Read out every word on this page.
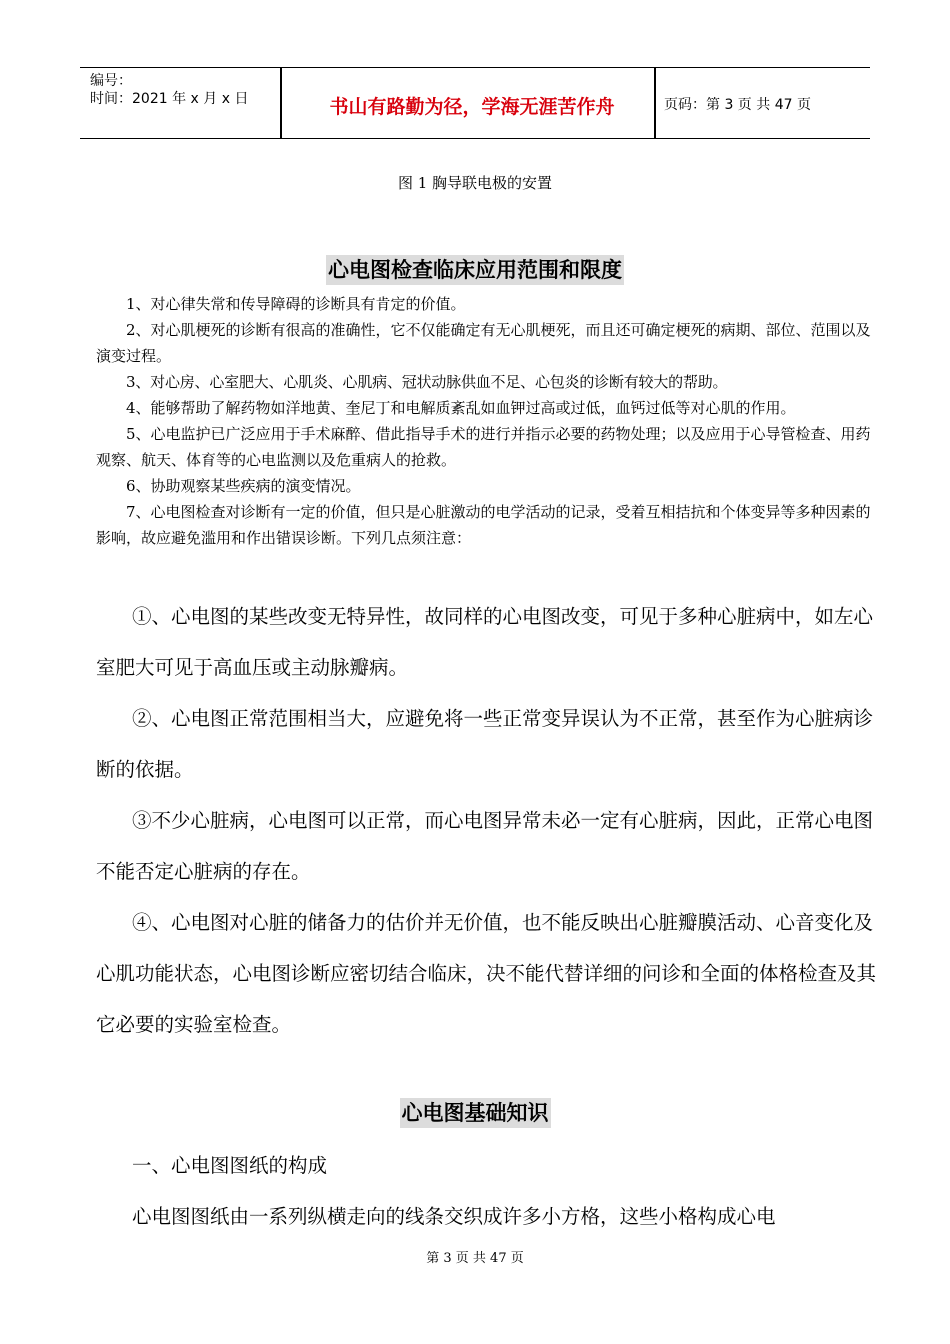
编号：
时间：2021 年 x 月 x 日	书山有路勤为径，学海无涯苦作舟	页码：第 3 页 共 47 页
图 1 胸导联电极的安置
心电图检查临床应用范围和限度

1、对心律失常和传导障碍的诊断具有肯定的价值。

2、对心肌梗死的诊断有很高的准确性，它不仅能确定有无心肌梗死，而且还可确定梗死的病期、部位、范围以及演变过程。

3、对心房、心室肥大、心肌炎、心肌病、冠状动脉供血不足、心包炎的诊断有较大的帮助。

4、能够帮助了解药物如洋地黄、奎尼丁和电解质紊乱如血钾过高或过低，血钙过低等对心肌的作用。

5、心电监护已广泛应用于手术麻醉、借此指导手术的进行并指示必要的药物处理；以及应用于心导管检查、用药观察、航天、体育等的心电监测以及危重病人的抢救。

6、协助观察某些疾病的演变情况。

7、心电图检查对诊断有一定的价值，但只是心脏激动的电学活动的记录，受着互相拮抗和个体变异等多种因素的影响，故应避免滥用和作出错误诊断。下列几点须注意：

①、心电图的某些改变无特异性，故同样的心电图改变，可见于多种心脏病中，如左心室肥大可见于高血压或主动脉瓣病。

②、心电图正常范围相当大，应避免将一些正常变异误认为不正常，甚至作为心脏病诊断的依据。

③不少心脏病，心电图可以正常，而心电图异常未必一定有心脏病，因此，正常心电图不能否定心脏病的存在。

④、心电图对心脏的储备力的估价并无价值，也不能反映出心脏瓣膜活动、心音变化及心肌功能状态，心电图诊断应密切结合临床，决不能代替详细的问诊和全面的体格检查及其它必要的实验室检查。

心电图基础知识

一、心电图图纸的构成

心电图图纸由一系列纵横走向的线条交织成许多小方格，这些小格构成心电

第 3 页 共 47 页
